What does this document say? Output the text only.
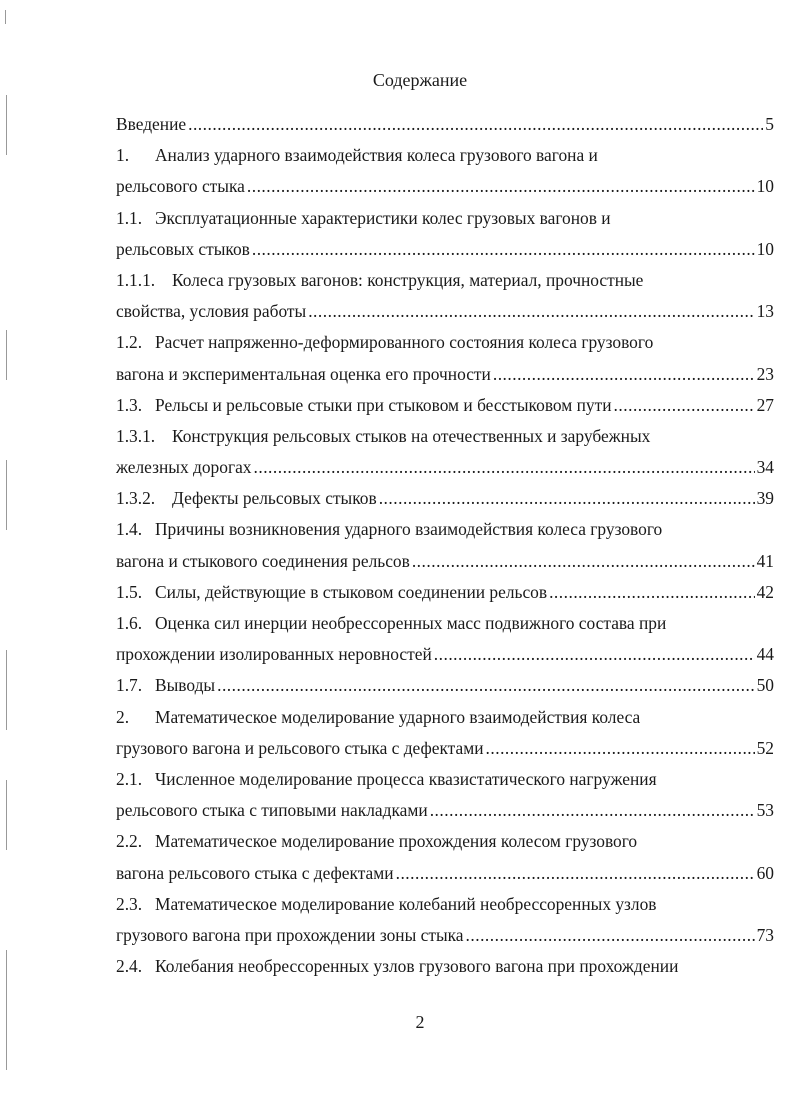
Содержание
Введение .....	5
1.	Анализ ударного взаимодействия колеса грузового вагона и
рельсового стыка .....	10
1.1. Эксплуатационные характеристики колес грузовых вагонов и
рельсовых стыков .....	10
1.1.1. Колеса грузовых вагонов: конструкция, материал, прочностные
свойства, условия работы .....	13
1.2. Расчет напряженно-деформированного состояния колеса грузового
вагона и экспериментальная оценка его прочности .....	23
1.3. Рельсы и рельсовые стыки при стыковом и бесстыковом пути .....	27
1.3.1. Конструкция рельсовых стыков на отечественных и зарубежных
железных дорогах .....	34
1.3.2. Дефекты рельсовых стыков .....	39
1.4. Причины возникновения ударного взаимодействия колеса грузового
вагона и стыкового соединения рельсов .....	41
1.5. Силы, действующие в стыковом соединении рельсов .....	42
1.6. Оценка сил инерции необрессоренных масс подвижного состава при
прохождении изолированных неровностей .....	44
1.7. Выводы .....	50
2.	Математическое моделирование ударного взаимодействия колеса
грузового вагона и рельсового стыка с дефектами .....	52
2.1. Численное моделирование процесса квазистатического нагружения
рельсового стыка с типовыми накладками .....	53
2.2. Математическое моделирование прохождения колесом грузового
вагона рельсового стыка с дефектами .....	60
2.3. Математическое моделирование колебаний необрессоренных узлов
грузового вагона при прохождении зоны стыка .....	73
2.4. Колебания необрессоренных узлов грузового вагона при прохождении
2
